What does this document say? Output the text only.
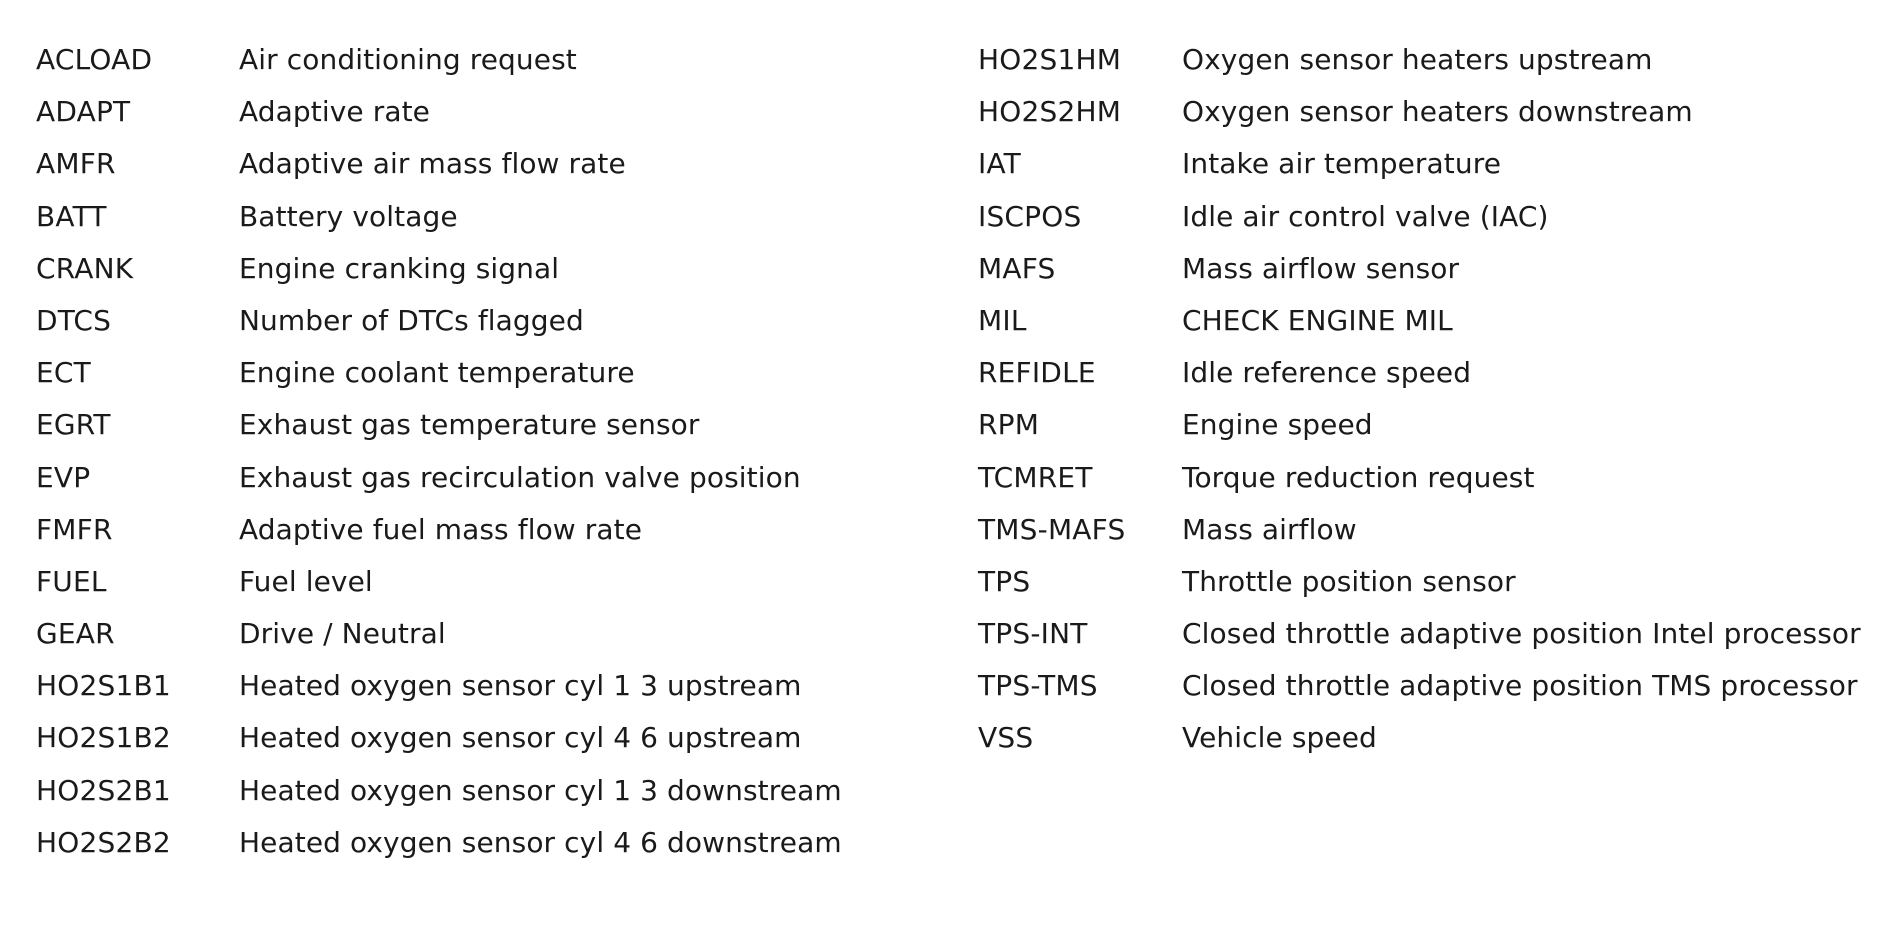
ACLOAD	Air conditioning request
ADAPT	Adaptive rate
AMFR	Adaptive air mass flow rate
BATT	Battery voltage
CRANK	Engine cranking signal
DTCS	Number of DTCs flagged
ECT	Engine coolant temperature
EGRT	Exhaust gas temperature sensor
EVP	Exhaust gas recirculation valve position
FMFR	Adaptive fuel mass flow rate
FUEL	Fuel level
GEAR	Drive / Neutral
HO2S1B1	Heated oxygen sensor cyl 1 3 upstream
HO2S1B2	Heated oxygen sensor cyl 4 6 upstream
HO2S2B1	Heated oxygen sensor cyl 1 3 downstream
HO2S2B2	Heated oxygen sensor cyl 4 6 downstream
HO2S1HM	Oxygen sensor heaters upstream
HO2S2HM	Oxygen sensor heaters downstream
IAT	Intake air temperature
ISCPOS	Idle air control valve (IAC)
MAFS	Mass airflow sensor
MIL	CHECK ENGINE MIL
REFIDLE	Idle reference speed
RPM	Engine speed
TCMRET	Torque reduction request
TMS-MAFS	Mass airflow
TPS	Throttle position sensor
TPS-INT	Closed throttle adaptive position Intel processor
TPS-TMS	Closed throttle adaptive position TMS processor
VSS	Vehicle speed
